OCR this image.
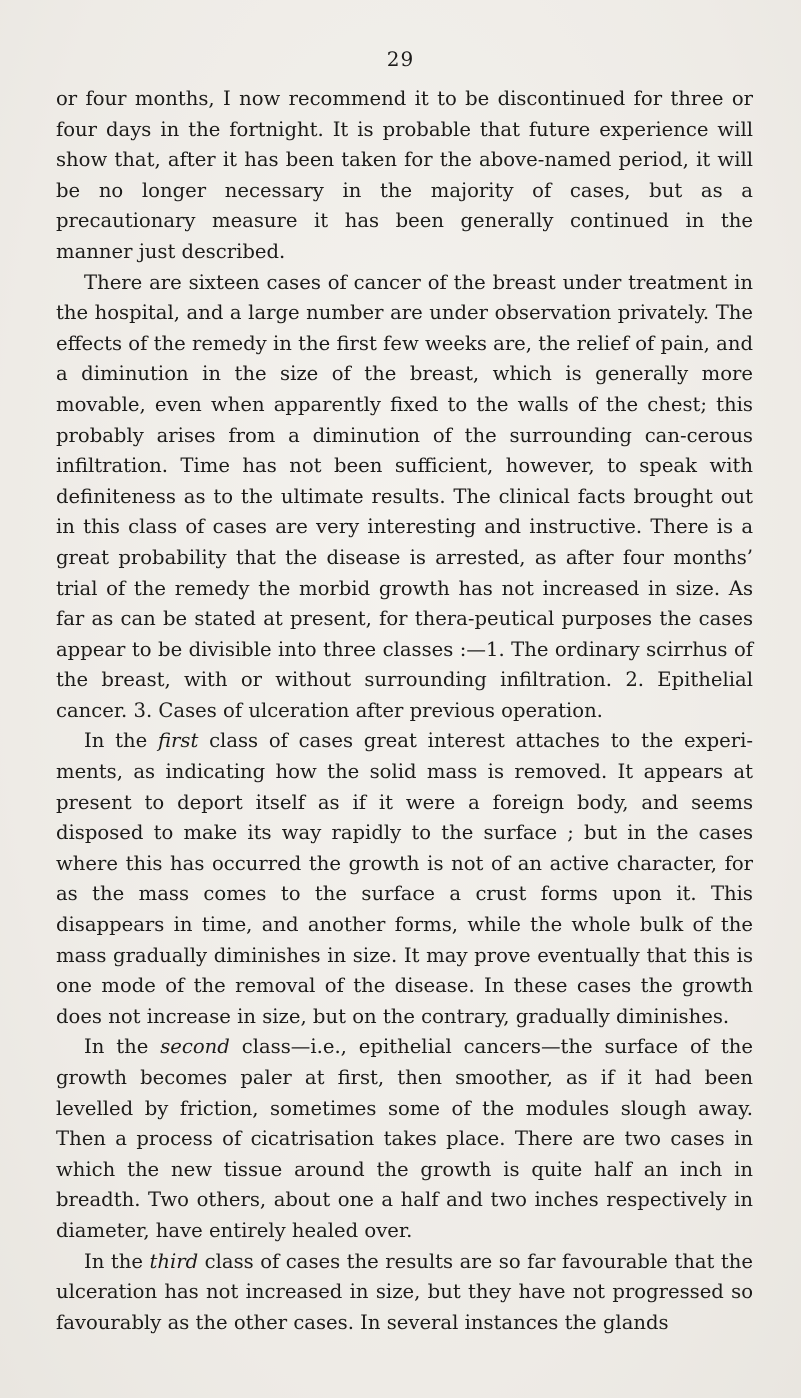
29

or four months, I now recommend it to be discontinued for three or four days in the fortnight. It is probable that future experience will show that, after it has been taken for the above-named period, it will be no longer necessary in the majority of cases, but as a precautionary measure it has been generally continued in the manner just described.

There are sixteen cases of cancer of the breast under treatment in the hospital, and a large number are under observation privately. The effects of the remedy in the first few weeks are, the relief of pain, and a diminution in the size of the breast, which is generally more movable, even when apparently fixed to the walls of the chest; this probably arises from a diminution of the surrounding can-cerous infiltration. Time has not been sufficient, however, to speak with definiteness as to the ultimate results. The clinical facts brought out in this class of cases are very interesting and instructive. There is a great probability that the disease is arrested, as after four months’ trial of the remedy the morbid growth has not increased in size. As far as can be stated at present, for thera-peutical purposes the cases appear to be divisible into three classes :—1. The ordinary scirrhus of the breast, with or without surrounding infiltration. 2. Epithelial cancer. 3. Cases of ulceration after previous operation.

In the first class of cases great interest attaches to the experi-ments, as indicating how the solid mass is removed. It appears at present to deport itself as if it were a foreign body, and seems disposed to make its way rapidly to the surface ; but in the cases where this has occurred the growth is not of an active character, for as the mass comes to the surface a crust forms upon it. This disappears in time, and another forms, while the whole bulk of the mass gradually diminishes in size. It may prove eventually that this is one mode of the removal of the disease. In these cases the growth does not increase in size, but on the contrary, gradually diminishes.

In the second class—i.e., epithelial cancers—the surface of the growth becomes paler at first, then smoother, as if it had been levelled by friction, sometimes some of the modules slough away. Then a process of cicatrisation takes place. There are two cases in which the new tissue around the growth is quite half an inch in breadth. Two others, about one a half and two inches respectively in diameter, have entirely healed over.

In the third class of cases the results are so far favourable that the ulceration has not increased in size, but they have not progressed so favourably as the other cases. In several instances the glands
